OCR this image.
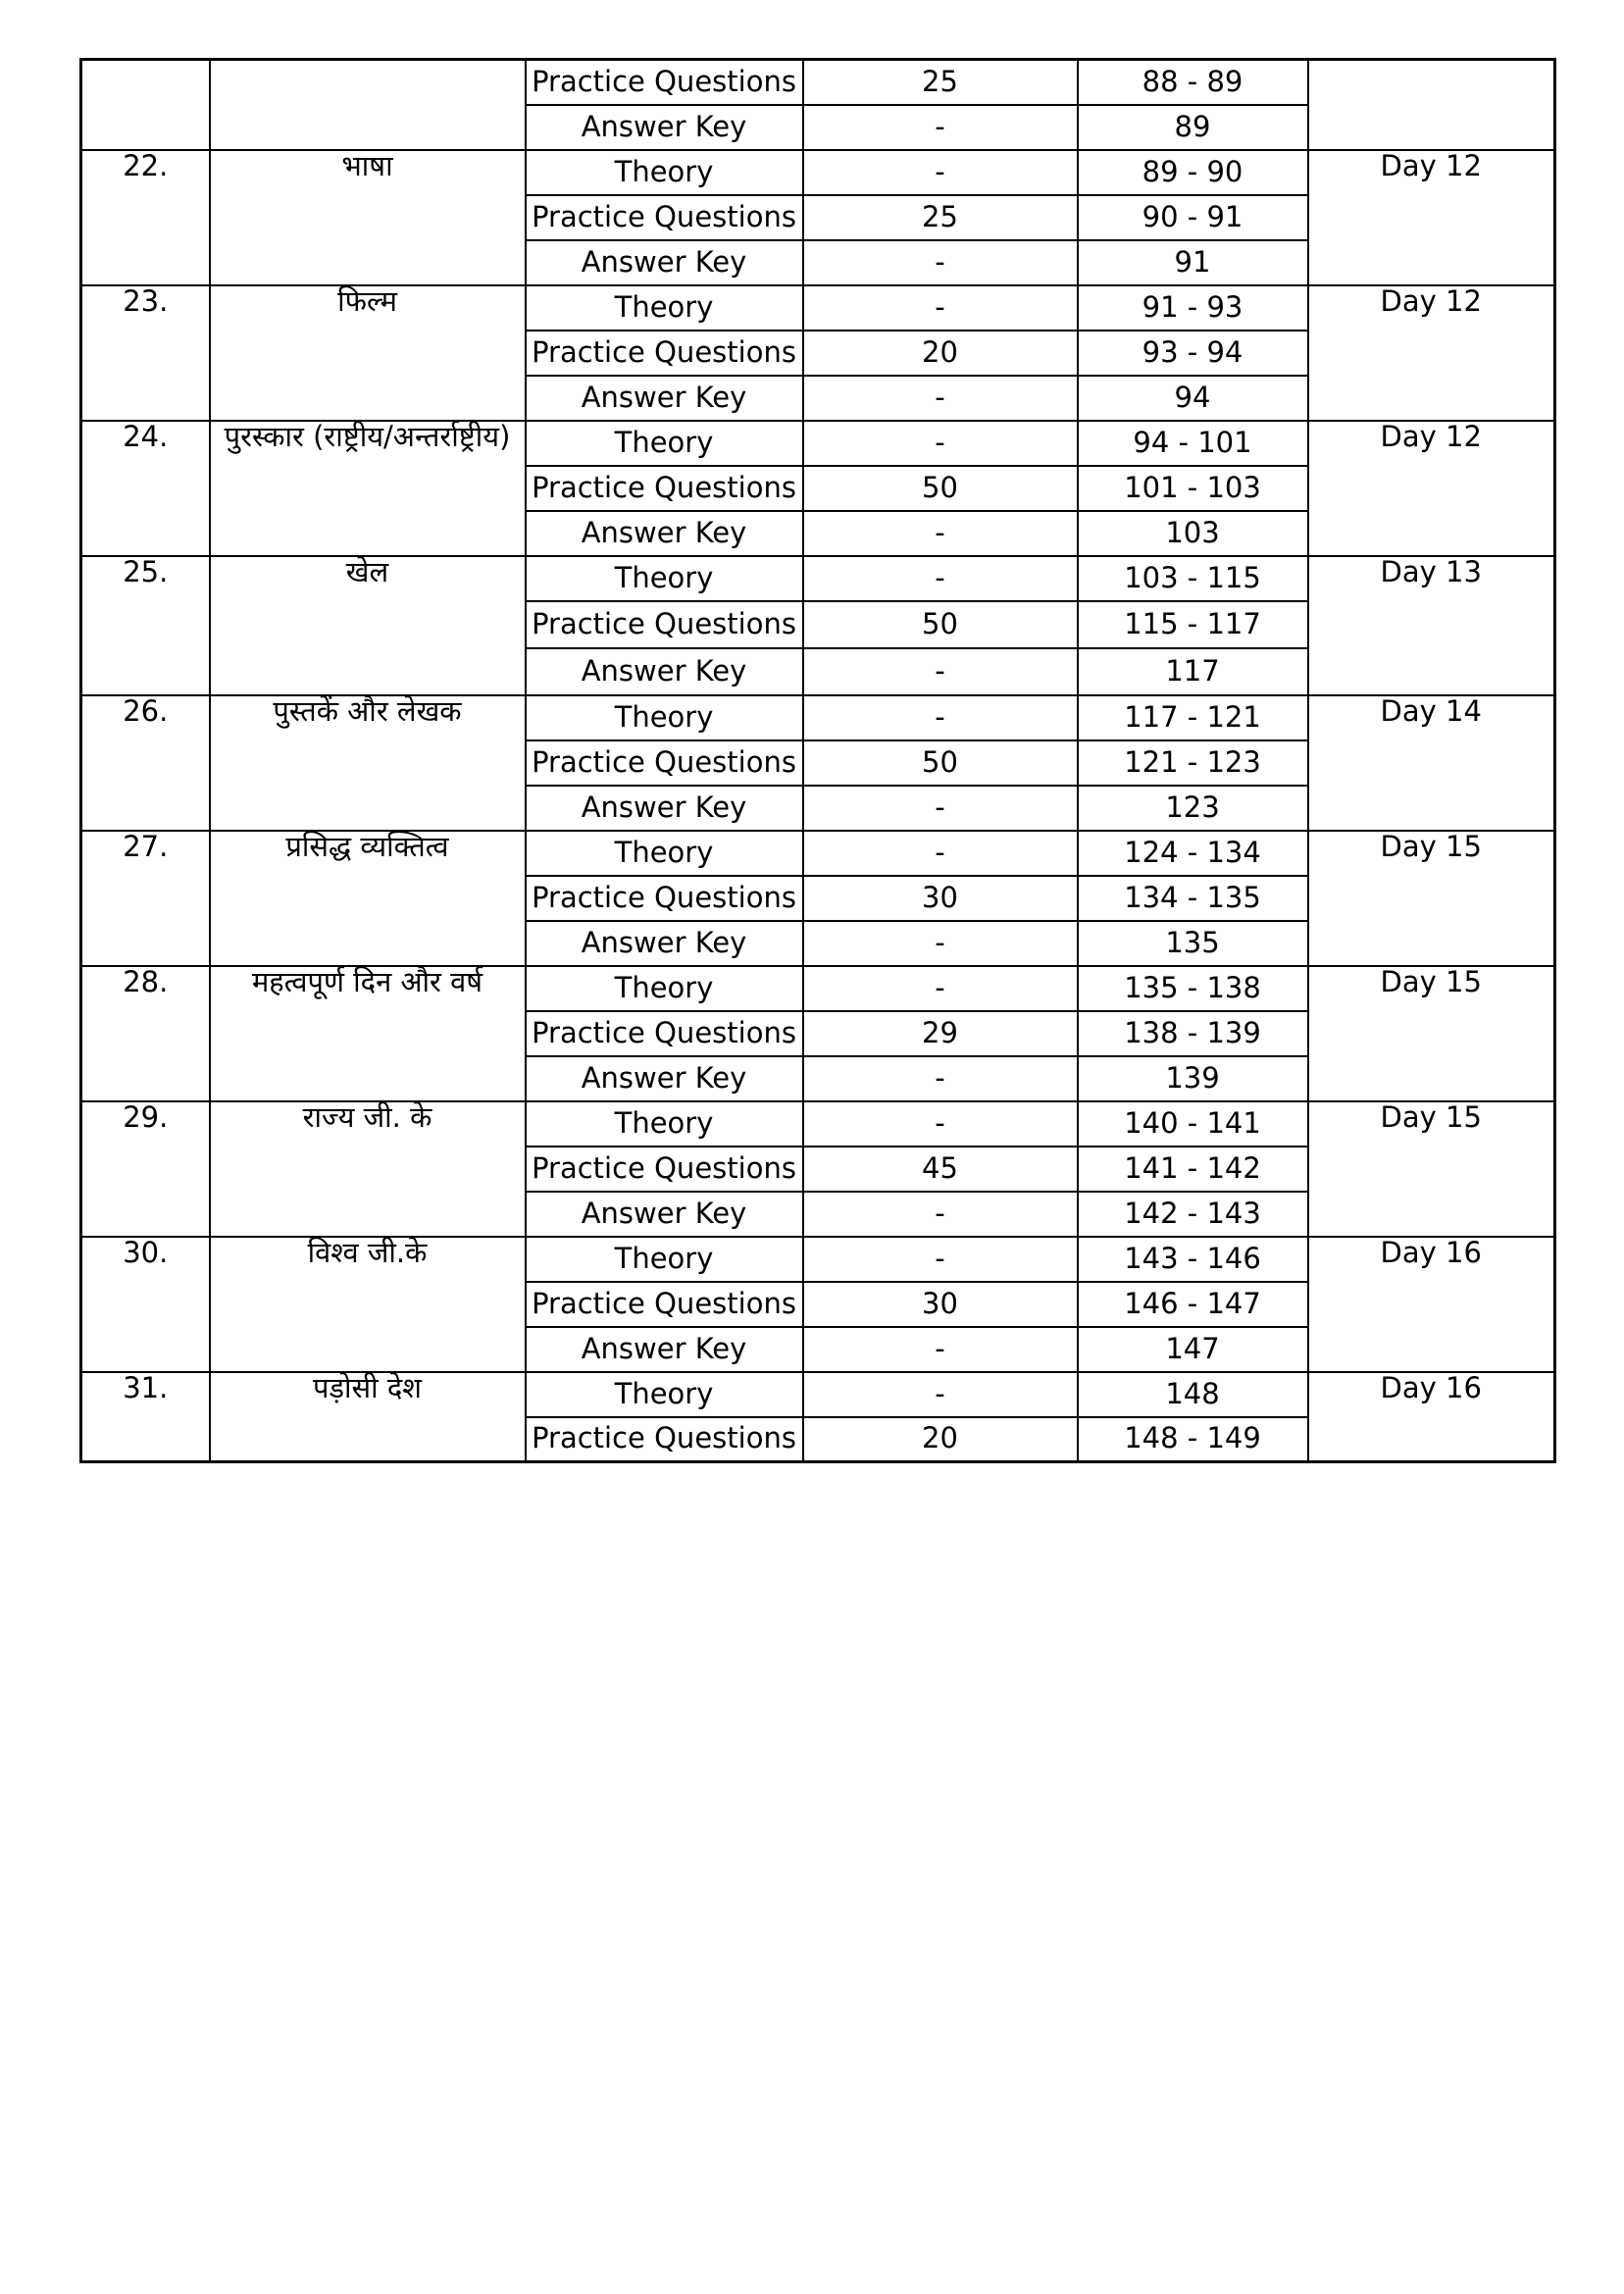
		Practice Questions	25	88 - 89	
		Answer Key	-	89	
22.	भाषा	Theory	-	89 - 90	Day 12
		Practice Questions	25	90 - 91	
		Answer Key	-	91	
23.	फिल्म	Theory	-	91 - 93	Day 12
		Practice Questions	20	93 - 94	
		Answer Key	-	94	
24.	पुरस्कार (राष्ट्रीय/अन्तर्राष्ट्रीय)	Theory	-	94 - 101	Day 12
		Practice Questions	50	101 - 103	
		Answer Key	-	103	
25.	खेल	Theory	-	103 - 115	Day 13
		Practice Questions	50	115 - 117	
		Answer Key	-	117	
26.	पुस्तकें और लेखक	Theory	-	117 - 121	Day 14
		Practice Questions	50	121 - 123	
		Answer Key	-	123	
27.	प्रसिद्ध व्यक्तित्व	Theory	-	124 - 134	Day 15
		Practice Questions	30	134 - 135	
		Answer Key	-	135	
28.	महत्वपूर्ण दिन और वर्ष	Theory	-	135 - 138	Day 15
		Practice Questions	29	138 - 139	
		Answer Key	-	139	
29.	राज्य जी. के	Theory	-	140 - 141	Day 15
		Practice Questions	45	141 - 142	
		Answer Key	-	142 - 143	
30.	विश्व जी.के	Theory	-	143 - 146	Day 16
		Practice Questions	30	146 - 147	
		Answer Key	-	147	
31.	पड़ोसी देश	Theory	-	148	Day 16
		Practice Questions	20	148 - 149	
